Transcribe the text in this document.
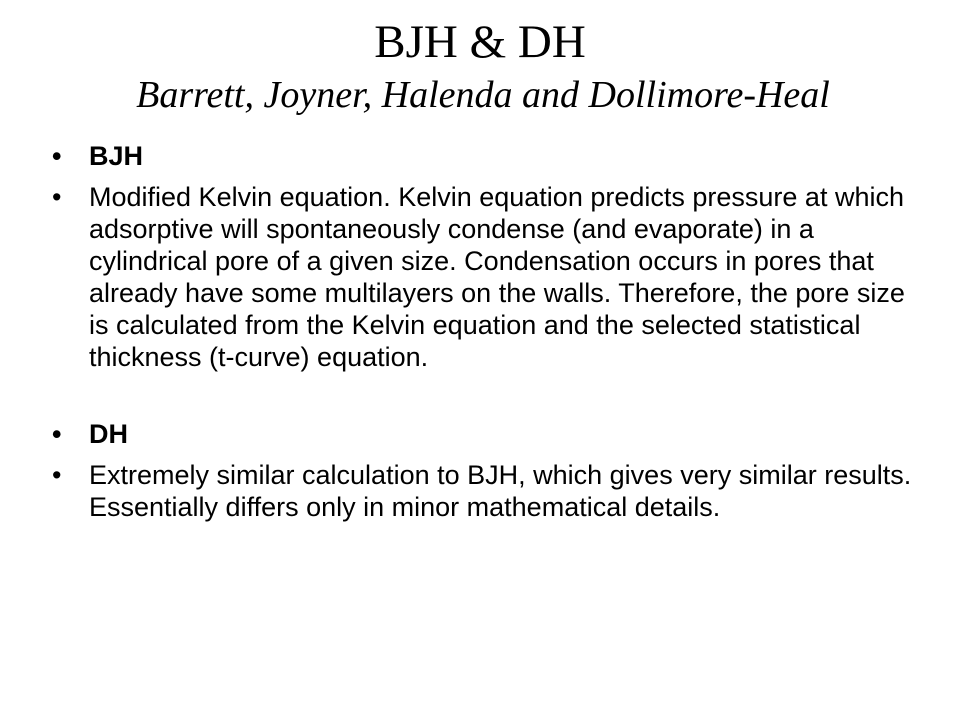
BJH & DH
Barrett, Joyner, Halenda and Dollimore-Heal
•	BJH
•	Modified Kelvin equation. Kelvin equation predicts pressure at which adsorptive will spontaneously condense (and evaporate) in a cylindrical pore of a given size. Condensation occurs in pores that already have some multilayers on the walls. Therefore, the pore size is calculated from the Kelvin equation and the selected statistical thickness (t-curve) equation.
•	DH
•	Extremely similar calculation to BJH, which gives very similar results. Essentially differs only in minor mathematical details.
